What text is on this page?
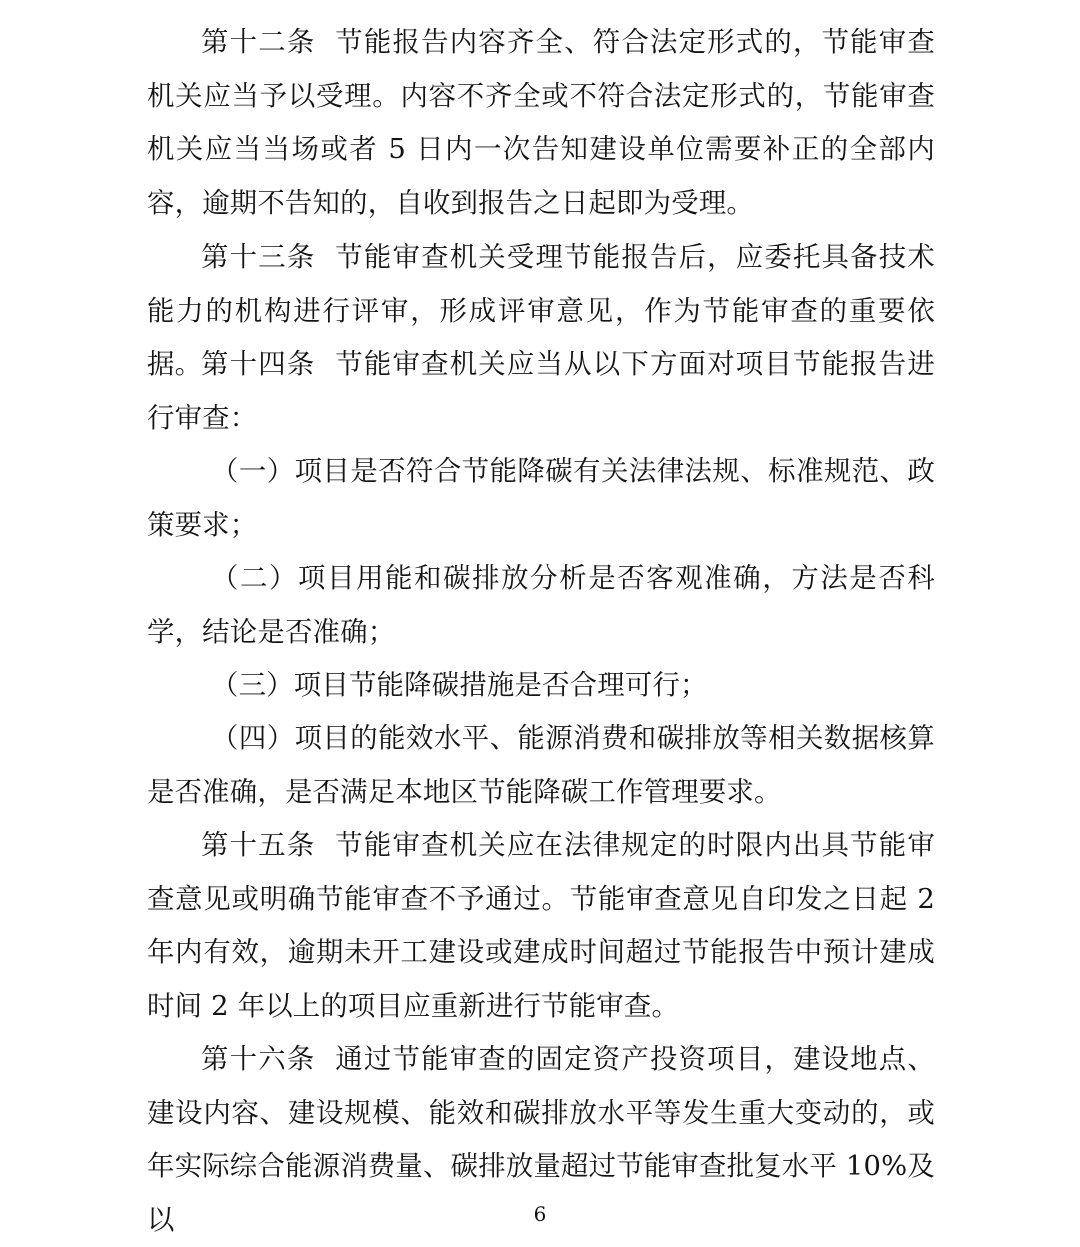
第十二条  节能报告内容齐全、符合法定形式的，节能审查机关应当予以受理。内容不齐全或不符合法定形式的，节能审查机关应当当场或者 5 日内一次告知建设单位需要补正的全部内容，逾期不告知的，自收到报告之日起即为受理。

第十三条  节能审查机关受理节能报告后，应委托具备技术能力的机构进行评审，形成评审意见，作为节能审查的重要依据。

第十四条  节能审查机关应当从以下方面对项目节能报告进行审查：

（一）项目是否符合节能降碳有关法律法规、标准规范、政策要求；

（二）项目用能和碳排放分析是否客观准确，方法是否科学，结论是否准确；

（三）项目节能降碳措施是否合理可行；

（四）项目的能效水平、能源消费和碳排放等相关数据核算是否准确，是否满足本地区节能降碳工作管理要求。

第十五条  节能审查机关应在法律规定的时限内出具节能审查意见或明确节能审查不予通过。节能审查意见自印发之日起 2 年内有效，逾期未开工建设或建成时间超过节能报告中预计建成时间 2 年以上的项目应重新进行节能审查。

第十六条  通过节能审查的固定资产投资项目，建设地点、建设内容、建设规模、能效和碳排放水平等发生重大变动的，或年实际综合能源消费量、碳排放量超过节能审查批复水平 10%及以	6
